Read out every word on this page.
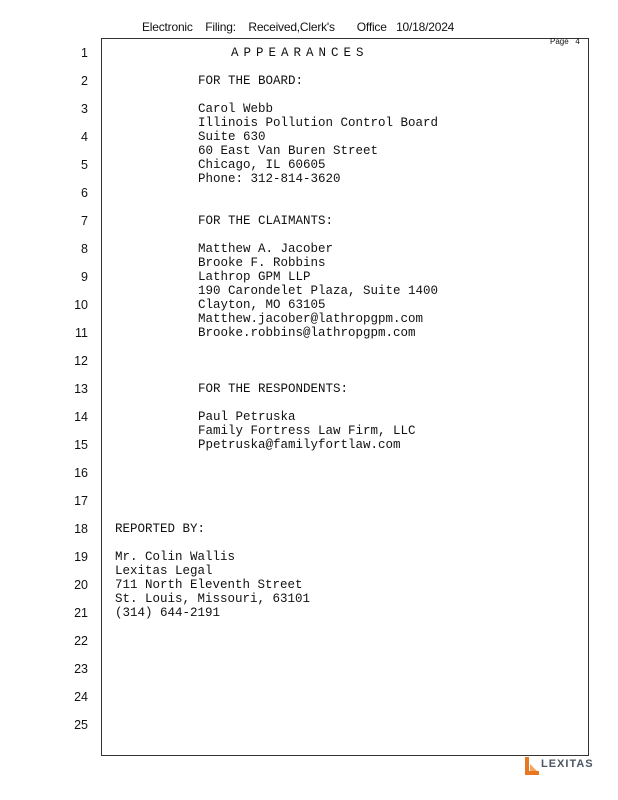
Electronic    Filing:    Received,Clerk's       Office   10/18/2024
Page   4
1
2
3
4
5
6
7
8
9
10
11
12
13
14
15
16
17
18
19
20
21
22
23
24
25
APPEARANCES
FOR THE BOARD:
Carol Webb
Illinois Pollution Control Board
Suite 630
60 East Van Buren Street
Chicago, IL 60605
Phone: 312-814-3620
FOR THE CLAIMANTS:
Matthew A. Jacober
Brooke F. Robbins
Lathrop GPM LLP
190 Carondelet Plaza, Suite 1400
Clayton, MO 63105
Matthew.jacober@lathropgpm.com
Brooke.robbins@lathropgpm.com
FOR THE RESPONDENTS:
Paul Petruska
Family Fortress Law Firm, LLC
Ppetruska@familyfortlaw.com
REPORTED BY:
Mr. Colin Wallis
Lexitas Legal
711 North Eleventh Street
St. Louis, Missouri, 63101
(314) 644-2191
LEXITAS
